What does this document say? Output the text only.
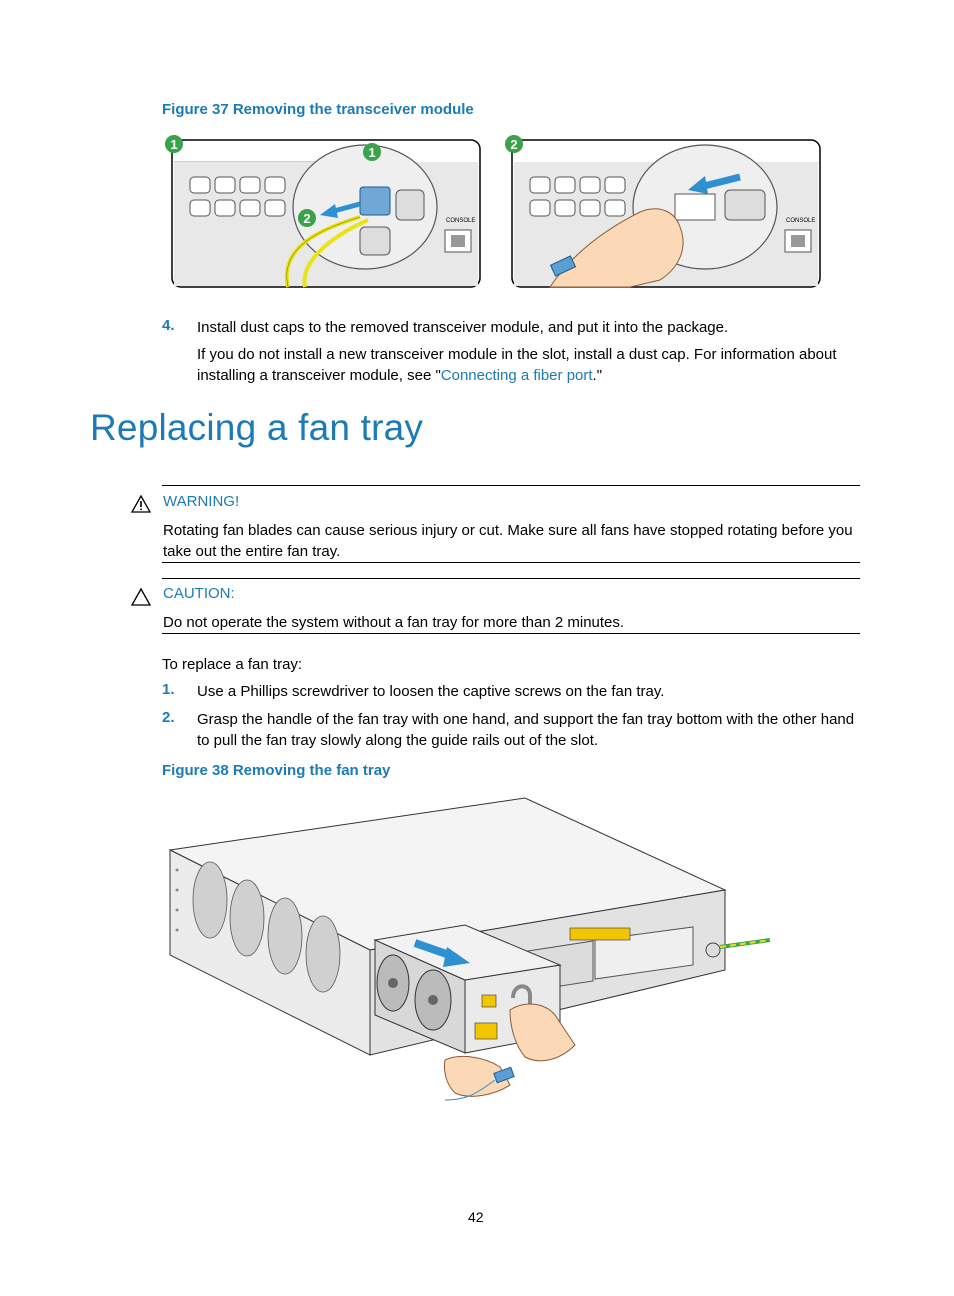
Figure 37 Removing the transceiver module
CONSOLE
1
1
2	CONSOLE
2
4. Install dust caps to the removed transceiver module, and put it into the package.
If you do not install a new transceiver module in the slot, install a dust cap. For information about installing a transceiver module, see "Connecting a fiber port."
Replacing a fan tray
WARNING!
Rotating fan blades can cause serious injury or cut. Make sure all fans have stopped rotating before you take out the entire fan tray.
CAUTION:
Do not operate the system without a fan tray for more than 2 minutes.
To replace a fan tray:
1. Use a Phillips screwdriver to loosen the captive screws on the fan tray.
2. Grasp the handle of the fan tray with one hand, and support the fan tray bottom with the other hand to pull the fan tray slowly along the guide rails out of the slot.
Figure 38 Removing the fan tray
42
